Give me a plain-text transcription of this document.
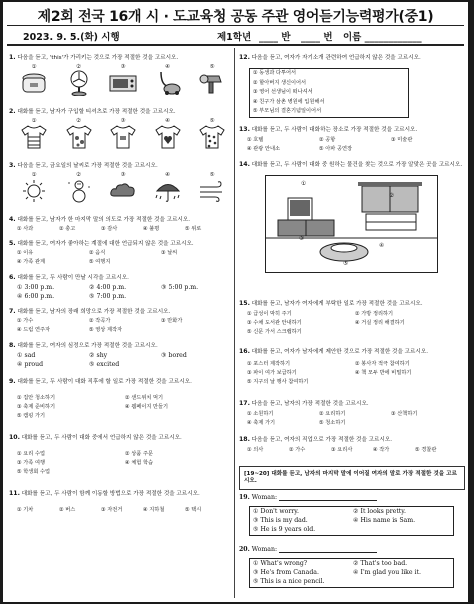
제2회 전국 16개 시 · 도교육청 공동 주관 영어듣기능력평가(중1)
2023. 9. 5.(화) 시행	제1학년 ____ 반 ____ 번 이름 ____________
1. 다음을 듣고, 'this'가 가리키는 것으로 가장 적절한 것을 고르시오.
①	②	③	④	⑤
2. 대화를 듣고, 남자가 구입할 티셔츠로 가장 적절한 것을 고르시오.
①	②	③	④	⑤
3. 다음을 듣고, 금요일의 날씨로 가장 적절한 것을 고르시오.
①	②	③	④	⑤
4. 대화를 듣고, 남자가 한 마지막 말의 의도로 가장 적절한 것을 고르시오.
① 사과	② 충고	③ 감사	④ 불평	⑤ 위로
5. 대화를 듣고, 여자가 좋아하는 계절에 대한 언급되지 않은 것을 고르시오.
① 이유	② 음식	③ 날씨
④ 가족 관계	⑤ 여행지
6. 대화를 듣고, 두 사람이 만날 시각을 고르시오.
① 3:00 p.m.	② 4:00 p.m.	③ 5:00 p.m.
④ 6:00 p.m.	⑤ 7:00 p.m.
7. 대화를 듣고, 남자의 장래 희망으로 가장 적절한 것을 고르시오.
① 가수	② 작곡가	③ 만화가
④ 드럼 연주자	⑤ 영상 제작자
8. 대화를 듣고, 여자의 심정으로 가장 적절한 것을 고르시오.
① sad	② shy	③ bored
④ proud	⑤ excited
9. 대화를 듣고, 두 사람이 대화 직후에 할 일로 가장 적절한 것을 고르시오.
① 집안 청소하기	② 샌드위치 먹기
③ 축제 준비하기	④ 웹페이지 만들기
⑤ 캠핑 가기
10. 대화를 듣고, 두 사람이 대화 중에서 언급하지 않은 것을 고르시오.
① 요리 수업	② 상품 주문
③ 가족 여행	④ 체험 학습
⑤ 학생회 수업
11. 대화를 듣고, 두 사람이 함께 이동할 방법으로 가장 적절한 것을 고르시오.
① 기차	② 버스	③ 자전거	④ 지하철	⑤ 택시
12. 다음을 듣고, 여자가 자기소개 관련하여 언급하지 않은 것을 고르시오.
① 동생과 다투어서
② 할아버지 생신이어서
③ 영어 선생님이 떠나셔서
④ 친구가 삼촌 병원에 입원해서
⑤ 부모님의 결혼기념일이어서
13. 대화를 듣고, 두 사람이 대화하는 장소로 가장 적절한 것을 고르시오.
① 호텔	② 공항	③ 미술관
④ 관광 안내소	⑤ 아파 공연장
14. 대화를 듣고, 두 사람이 대화 중 원하는 물건을 찾는 것으로 가장 알맞은 곳을 고르시오.
①
②
③
④
⑤
15. 대화를 듣고, 남자가 여자에게 부탁한 일로 가장 적절한 것을 고르시오.
① 급성이 막히 주기	② 가방 정리하기
③ 수채 도서관 안내하기	④ 거실 정리 해결하기
⑤ 신문 가서 스크랩하기
16. 대화를 듣고, 여자가 남자에게 제안한 것으로 가장 적절한 것을 고르시오.
① 포스터 제작하기	② 봉사자 적극 참여하기
③ 파이 여가 보급하기	④ 책 모두 반에 비밀하기
⑤ 지구의 날 행사 참여하기
17. 다음을 듣고, 남자의 가장 적절한 것을 고르시오.
① 소원하기	② 요리하기	③ 산책하기
④ 축제 가기	⑤ 청소하기
18. 다음을 듣고, 여자의 직업으로 가장 적절한 것을 고르시오.
① 의사	② 가수	③ 요리사	④ 작가	⑤ 경찰관
[19~20] 대화를 듣고, 남자의 마지막 말에 이어질 여자의 말로 가장 적절한 것을 고르시오.
19. Woman:
① Don't worry.	② It looks pretty.
③ This is my dad.	④ His name is Sam.
⑤ He is 9 years old.
20. Woman:
① What's wrong?	② That's too bad.
③ He's from Canada.	④ I'm glad you like it.
⑤ This is a nice pencil.
